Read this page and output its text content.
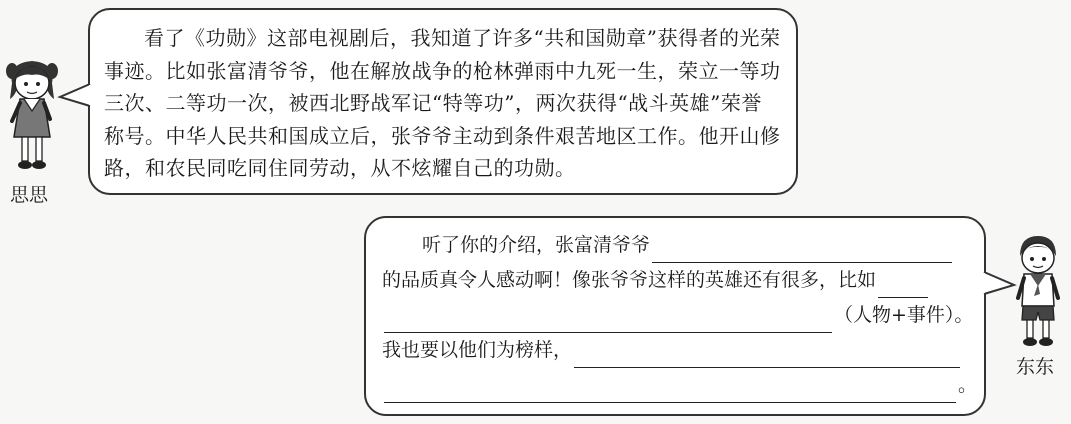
思思

看了《功勋》这部电视剧后，我知道了许多“共和国勋章”获得者的光荣事迹。比如张富清爷爷，他在解放战争的枪林弹雨中九死一生，荣立一等功三次、二等功一次，被西北野战军记“特等功”，两次获得“战斗英雄”荣誉称号。中华人民共和国成立后，张爷爷主动到条件艰苦地区工作。他开山修路，和农民同吃同住同劳动，从不炫耀自己的功勋。

听了你的介绍，张富清爷爷
的品质真令人感动啊！像张爷爷这样的英雄还有很多，比如
（人物+事件）。
我也要以他们为榜样，
。
东东
